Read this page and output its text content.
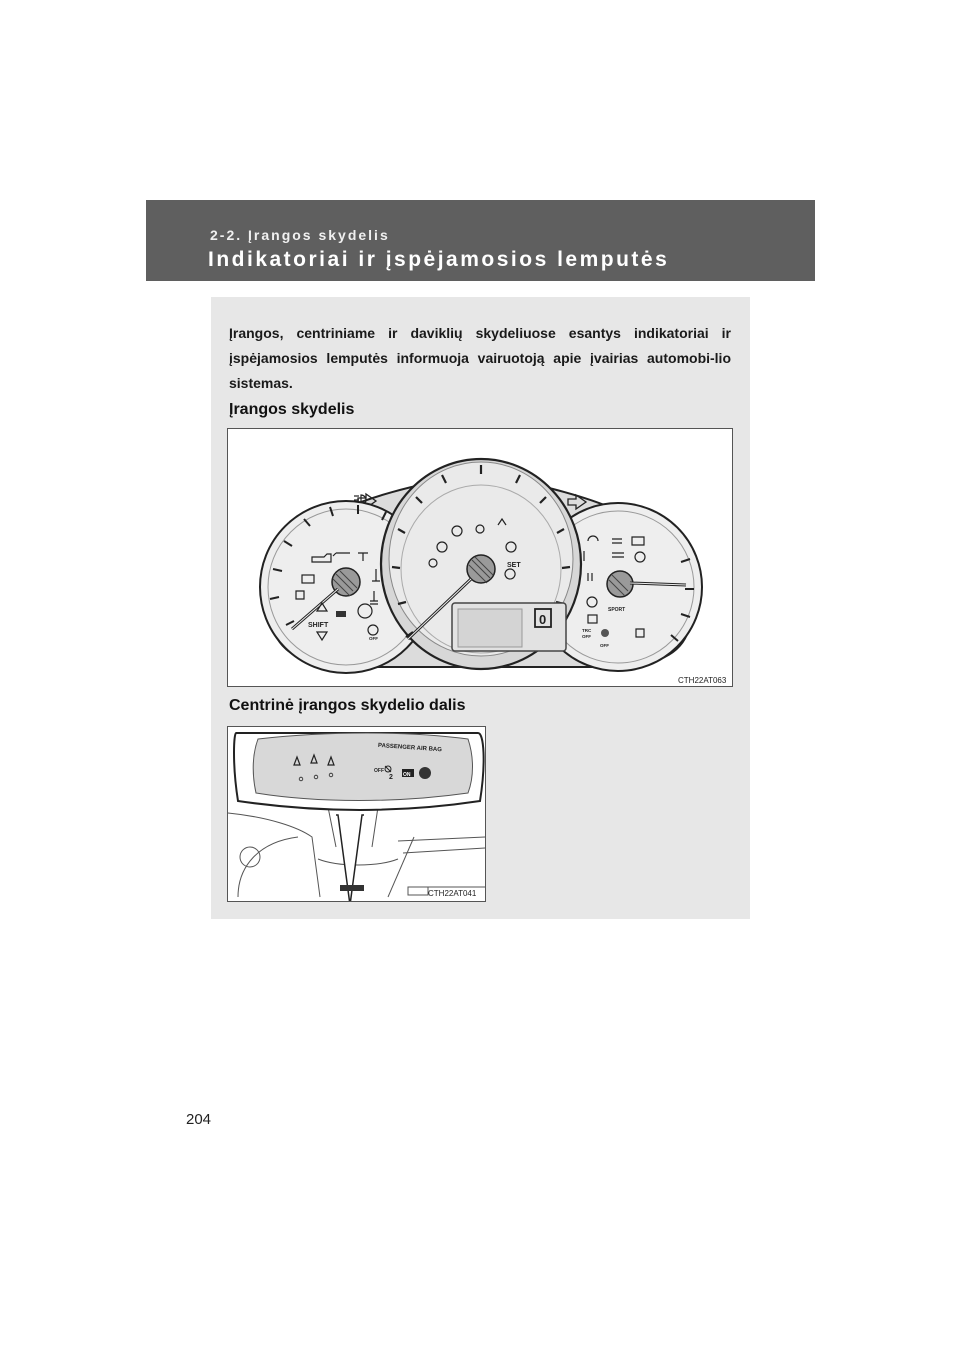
2-2. Įrangos skydelis
Indikatoriai ir įspėjamosios lemputės
Įrangos, centriniame ir daviklių skydeliuose esantys indikatoriai ir įspėjamosios lemputės informuoja vairuotoją apie įvairias automobi-lio sistemas.
Įrangos skydelis
SHIFT
OFF
SPORT
TRC
OFF
OFF
SET
0
CTH22AT063
Centrinė įrangos skydelio dalis
PASSENGER AIR BAG
OFF
2 ON
CTH22AT041
204
